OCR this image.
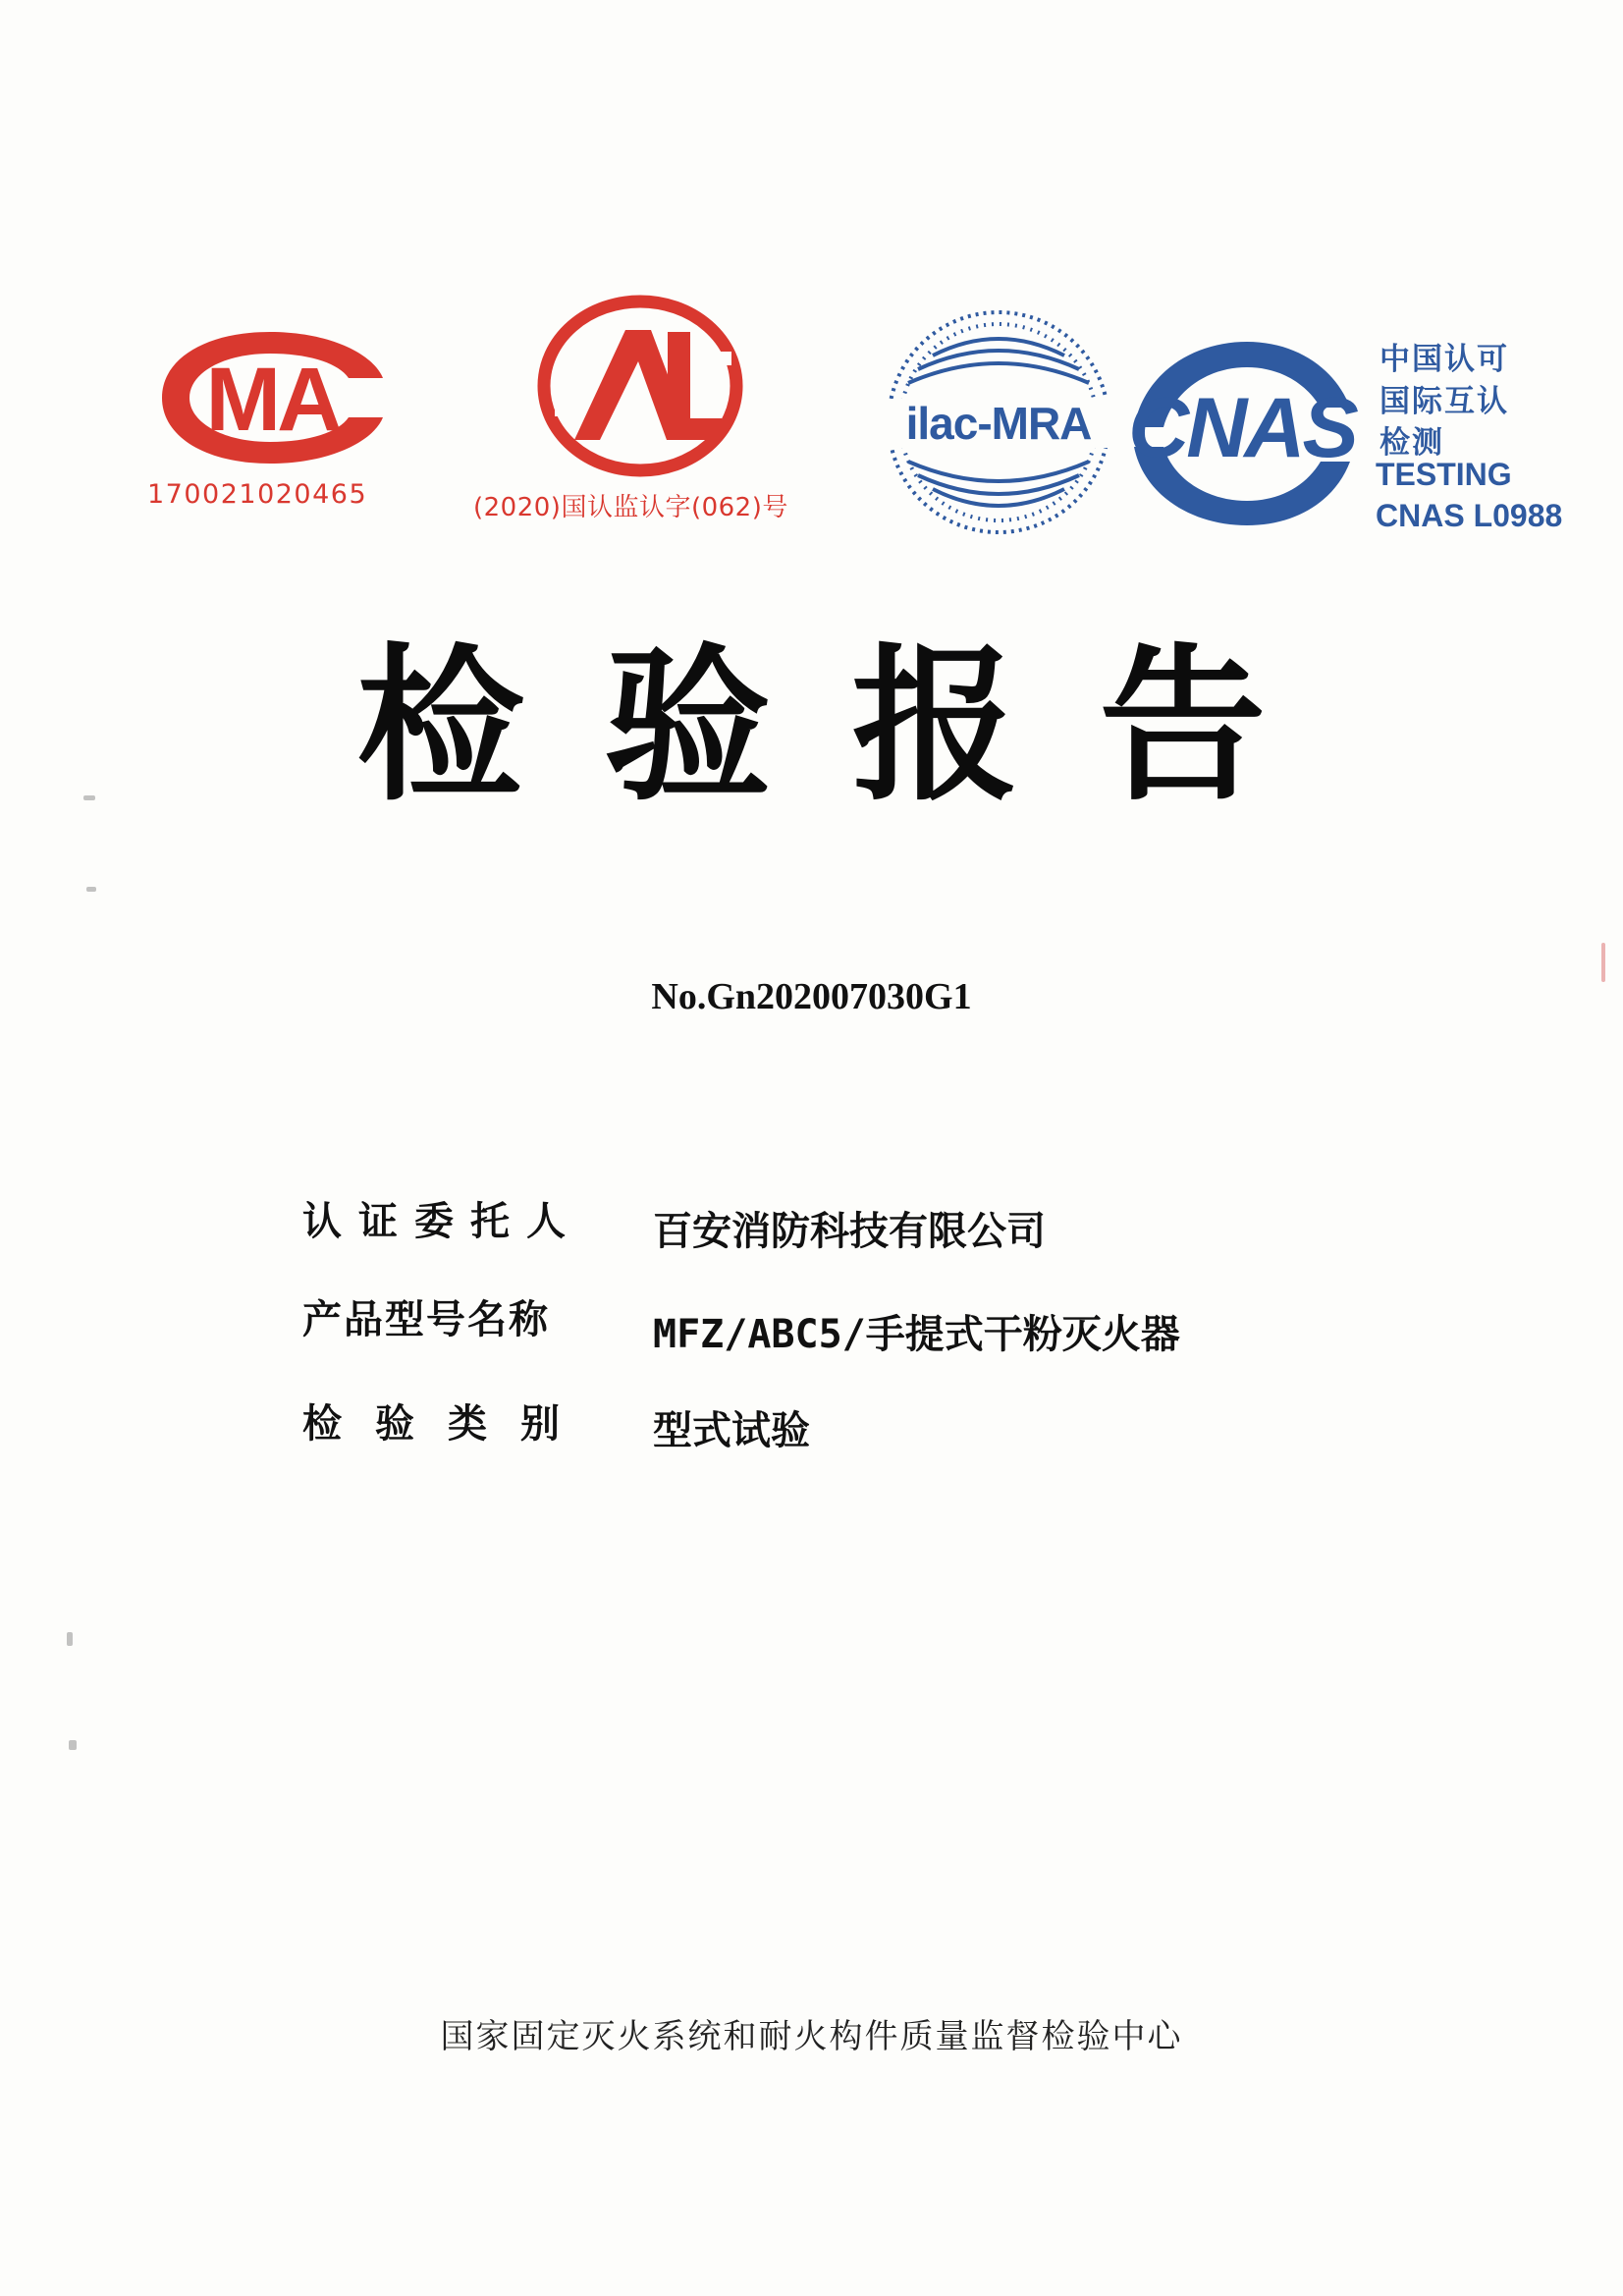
MA
170021020465	(2020)国认监认字(062)号
ilac-MRA CNAS
中国认可
国际互认
检测
TESTING
CNAS L0988
检验报告
No.Gn202007030G1
认证委托人 百安消防科技有限公司
产品型号名称	MFZ/ABC5/手提式干粉灭火器
检验类别 型式试验
国家固定灭火系统和耐火构件质量监督检验中心
